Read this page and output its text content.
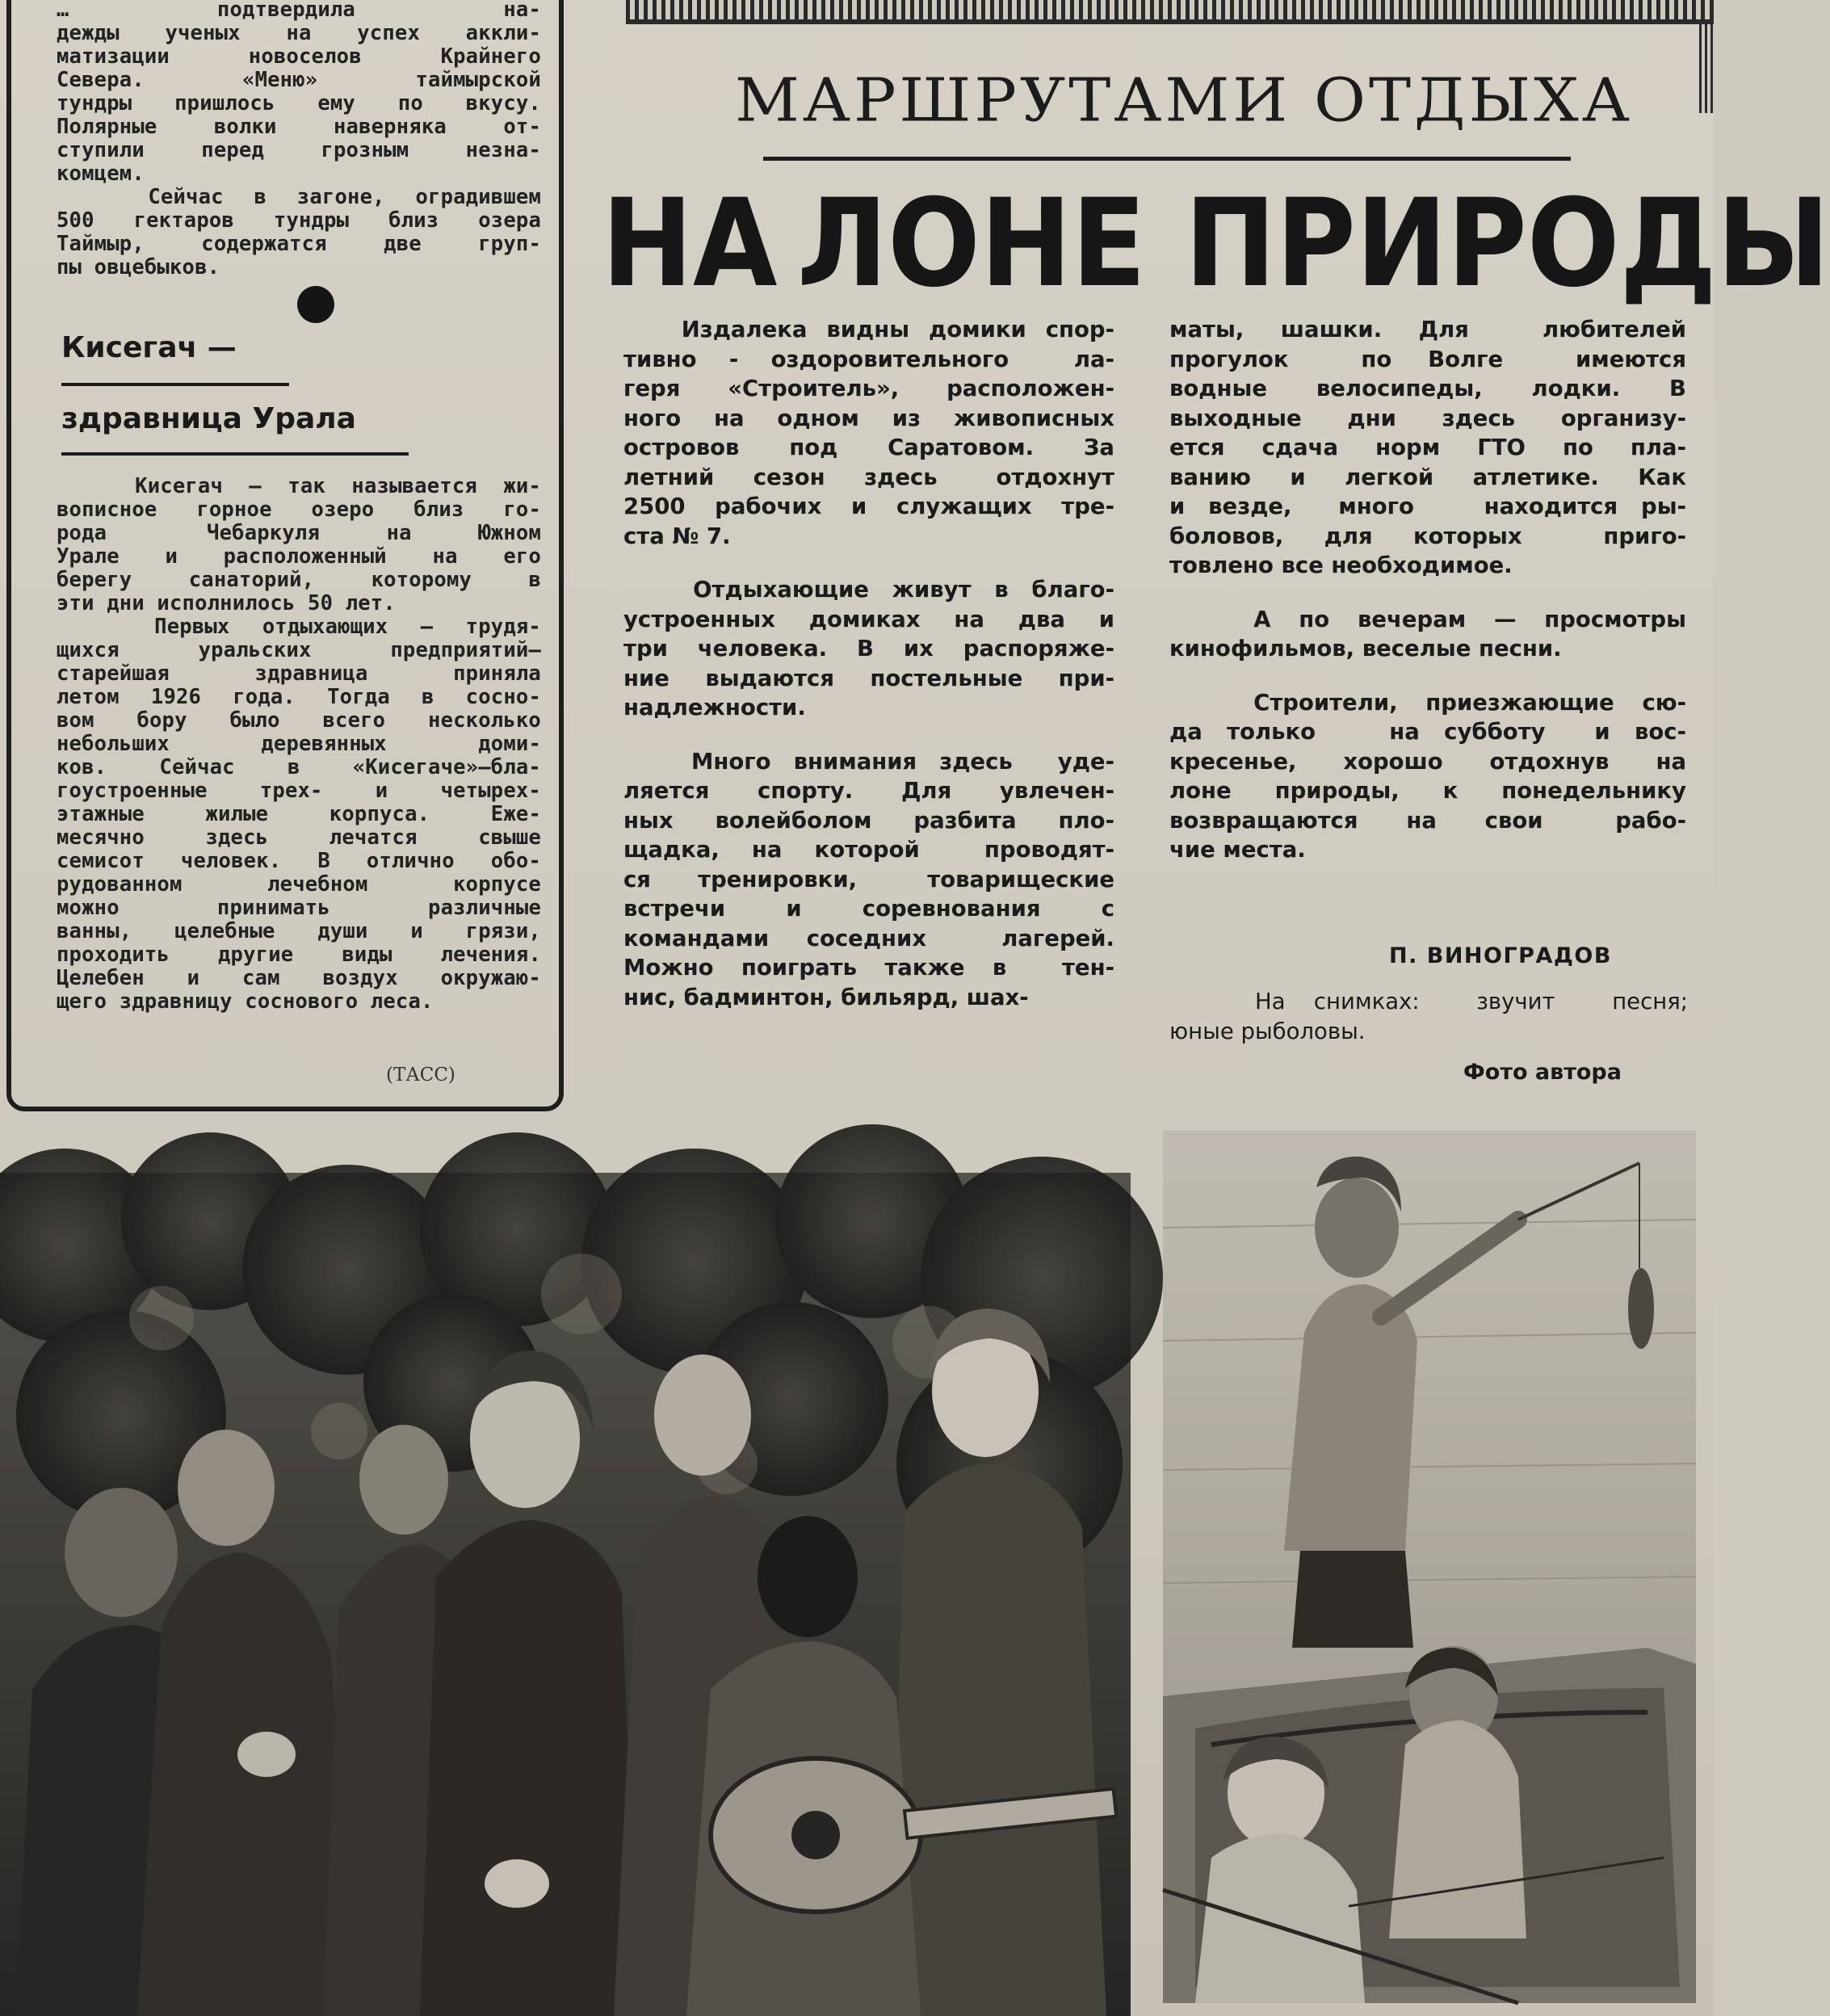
… подтвердила на-
дежды ученых на успех аккли-
матизации новоселов Крайнего
Севера. «Меню» таймырской
тундры пришлось ему по вкусу.
Полярные волки наверняка от-
ступили перед грозным незна-
комцем.
Сейчас в загоне, оградившем
500 гектаров тундры близ озера
Таймыр, содержатся две груп-
пы овцебыков.
Кисегач —
здравница Урала
Кисегач — так называется жи-
вописное горное озеро близ го-
рода   Чебаркуля  на  Южном
Урале и расположенный на его
берегу  санаторий,  которому  в
эти дни исполнилось 50 лет.
Первых отдыхающих — трудя-
щихся уральских предприятий—
старейшая  здравница  приняла
летом 1926 года. Тогда в сосно-
вом бору было всего несколько
небольших  деревянных  доми-
ков. Сейчас в «Кисегаче»—бла-
гоустроенные трех- и четырех-
этажные жилые корпуса. Еже-
месячно  здесь  лечатся  свыше
семисот человек. В отлично обо-
рудованном  лечебном  корпусе
можно  принимать  различные
ванны, целебные души и грязи,
проходить другие виды лечения.
Целебен и сам воздух окружаю-
щего здравницу соснового леса.
(ТАСС)
МАРШРУТАМИ ОТДЫХА
НА ЛОНЕ ПРИРОДЫ
Издалека видны домики спор-
тивно - оздоровительного  ла-
геря «Строитель», расположен-
ного на одном из живописных
островов  под  Саратовом.  За
летний  сезон  здесь   отдохнут
2500 рабочих и служащих тре-
ста № 7.
Отдыхающие живут в благо-
устроенных домиках на два и
три человека. В их распоряже-
ние выдаются постельные при-
надлежности.
Много внимания здесь  уде-
ляется  спорту.  Для  увлечен-
ных волейболом разбита пло-
щадка, на которой  проводят-
ся  тренировки,   товарищеские
встречи  и  соревнования  с
командами соседних  лагерей.
Можно поиграть также в  тен-
нис, бадминтон, бильярд, шах-
маты, шашки. Для  любителей
прогулок  по Волге  имеются
водные велосипеды, лодки. В
выходные дни здесь организу-
ется сдача норм ГТО по пла-
ванию и легкой атлетике. Как
и везде,  много   находится ры-
боловов, для которых  приго-
товлено все необходимое.
А по вечерам — просмотры
кинофильмов, веселые песни.
Строители, приезжающие сю-
да только   на субботу  и вос-
кресенье, хорошо отдохнув на
лоне природы, к понедельнику
возвращаются  на  свои   рабо-
чие места.
П. ВИНОГРАДОВ
На снимках:  звучит  песня;
юные рыболовы.
Фото автора
